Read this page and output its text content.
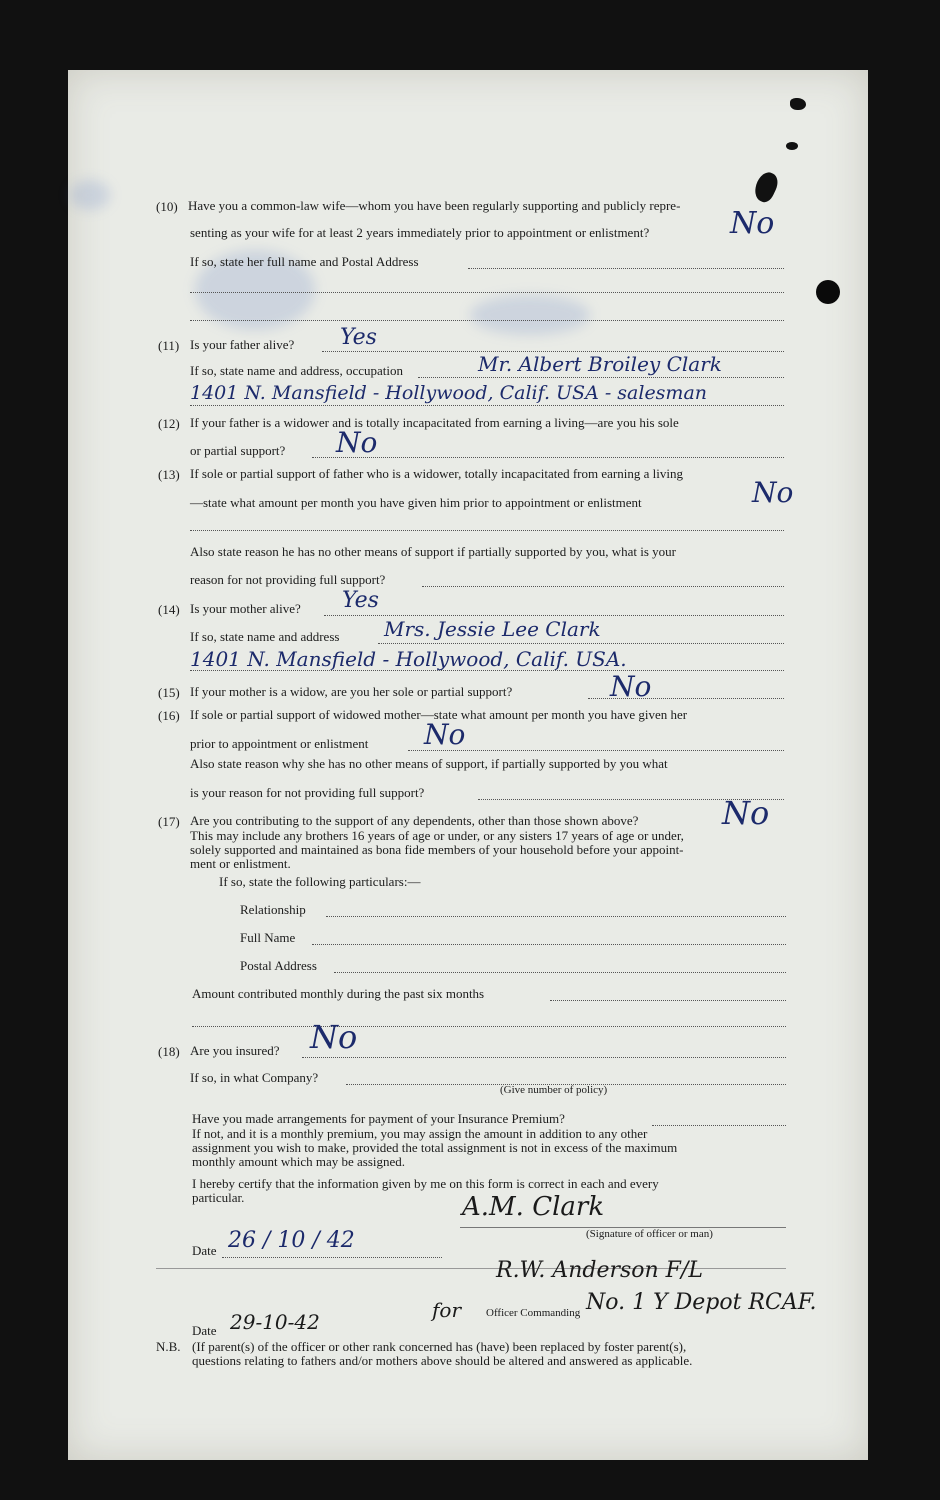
(10) Have you a common-law wife—whom you have been regularly supporting and publicly repre-
senting as your wife for at least 2 years immediately prior to appointment or enlistment?	No
If so, state her full name and Postal Address
(11) Is your father alive? Yes
If so, state name and address, occupation	Mr. Albert Broiley Clark
1401 N. Mansfield - Hollywood, Calif. USA - salesman
(12) If your father is a widower and is totally incapacitated from earning a living—are you his sole
or partial support? No
(13) If sole or partial support of father who is a widower, totally incapacitated from earning a living
—state what amount per month you have given him prior to appointment or enlistment	No
Also state reason he has no other means of support if partially supported by you, what is your
reason for not providing full support?
(14) Is your mother alive? Yes
If so, state name and address Mrs. Jessie Lee Clark
1401 N. Mansfield - Hollywood, Calif. USA.
(15) If your mother is a widow, are you her sole or partial support?	No
(16) If sole or partial support of widowed mother—state what amount per month you have given her
prior to appointment or enlistment No
Also state reason why she has no other means of support, if partially supported by you what
is your reason for not providing full support?
(17) Are you contributing to the support of any dependents, other than those shown above?	No
This may include any brothers 16 years of age or under, or any sisters 17 years of age or under,
solely supported and maintained as bona fide members of your household before your appoint-
ment or enlistment.
If so, state the following particulars:—
Relationship
Full Name
Postal Address
Amount contributed monthly during the past six months
(18) Are you insured? No
If so, in what Company?
(Give number of policy)
Have you made arrangements for payment of your Insurance Premium?
If not, and it is a monthly premium, you may assign the amount in addition to any other
assignment you wish to make, provided the total assignment is not in excess of the maximum
monthly amount which may be assigned.
I hereby certify that the information given by me on this form is correct in each and every
particular.	A.M. Clark
(Signature of officer or man)
Date 26 / 10 / 42
R.W. Anderson F/L
for Officer Commanding No. 1 Y Depot RCAF.
Date 29-10-42
N.B. (If parent(s) of the officer or other rank concerned has (have) been replaced by foster parent(s),
questions relating to fathers and/or mothers above should be altered and answered as applicable.
